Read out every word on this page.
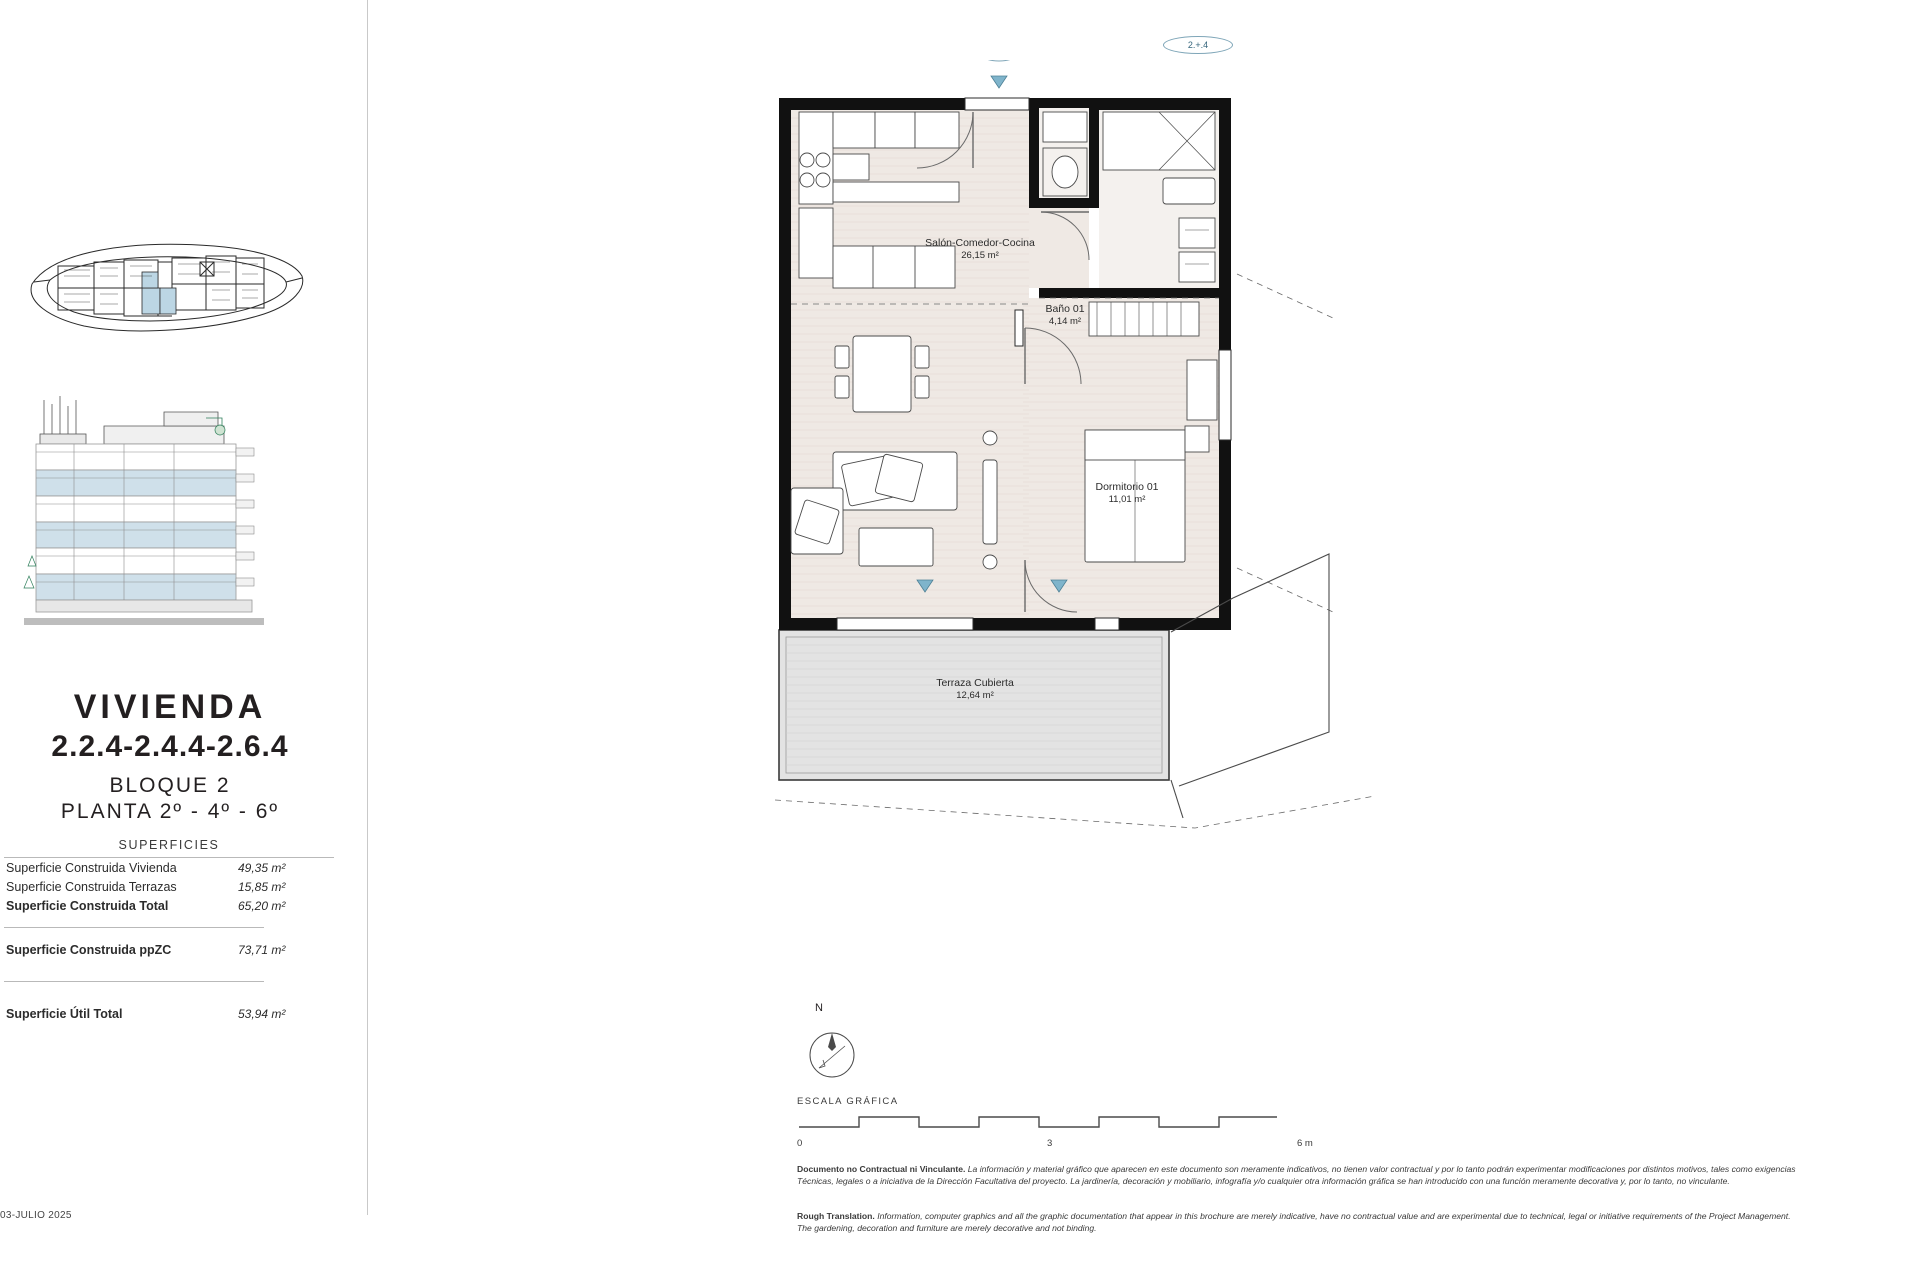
VIVIENDA
2.2.4-2.4.4-2.6.4
BLOQUE 2
PLANTA 2º - 4º - 6º
SUPERFICIES
Superficie Construida Vivienda	49,35 m²
Superficie Construida Terrazas	15,85 m²
Superficie Construida Total	65,20 m²
Superficie Construida ppZC	73,71 m²
Superficie Útil Total	53,94 m²
03-JULIO 2025
2.+.4
Salón-Comedor-Cocina
26,15 m²
Baño 01
4,14 m²
Dormitorio 01
11,01 m²
Terraza Cubierta
12,64 m²
N
ESCALA GRÁFICA
0	3	6 m

Documento no Contractual ni Vinculante. La información y material gráfico que aparecen en este documento son meramente indicativos, no tienen valor contractual y por lo tanto podrán experimentar modificaciones por distintos motivos, tales como exigencias Técnicas, legales o a iniciativa de la Dirección Facultativa del proyecto. La jardinería, decoración y mobiliario, infografía y/o cualquier otra información gráfica se han introducido con una función meramente decorativa y, por lo tanto, no vinculante.

Rough Translation. Information, computer graphics and all the graphic documentation that appear in this brochure are merely indicative, have no contractual value and are experimental due to technical, legal or initiative requirements of the Project Management. The gardening, decoration and furniture are merely decorative and not binding.
